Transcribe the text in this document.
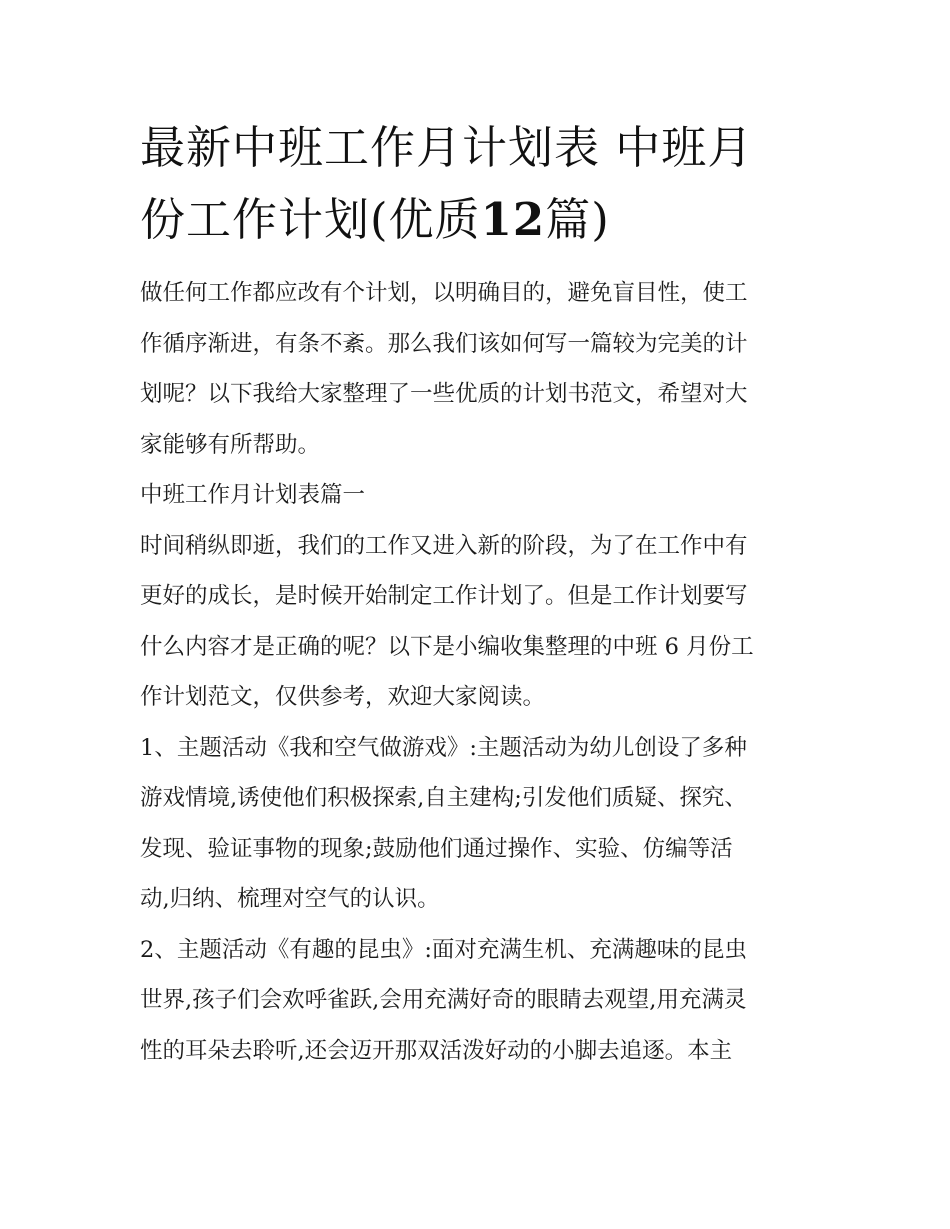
最新中班工作月计划表 中班月
份工作计划(优质12篇)

做任何工作都应改有个计划，以明确目的，避免盲目性，使工
作循序渐进，有条不紊。那么我们该如何写一篇较为完美的计
划呢？以下我给大家整理了一些优质的计划书范文，希望对大
家能够有所帮助。

中班工作月计划表篇一

时间稍纵即逝，我们的工作又进入新的阶段，为了在工作中有
更好的成长，是时候开始制定工作计划了。但是工作计划要写
什么内容才是正确的呢？以下是小编收集整理的中班 6 月份工
作计划范文，仅供参考，欢迎大家阅读。

1、主题活动《我和空气做游戏》:主题活动为幼儿创设了多种
游戏情境,诱使他们积极探索,自主建构;引发他们质疑、探究、
发现、验证事物的现象;鼓励他们通过操作、实验、仿编等活
动,归纳、梳理对空气的认识。

2、主题活动《有趣的昆虫》:面对充满生机、充满趣味的昆虫
世界,孩子们会欢呼雀跃,会用充满好奇的眼睛去观望,用充满灵
性的耳朵去聆听,还会迈开那双活泼好动的小脚去追逐。本主
